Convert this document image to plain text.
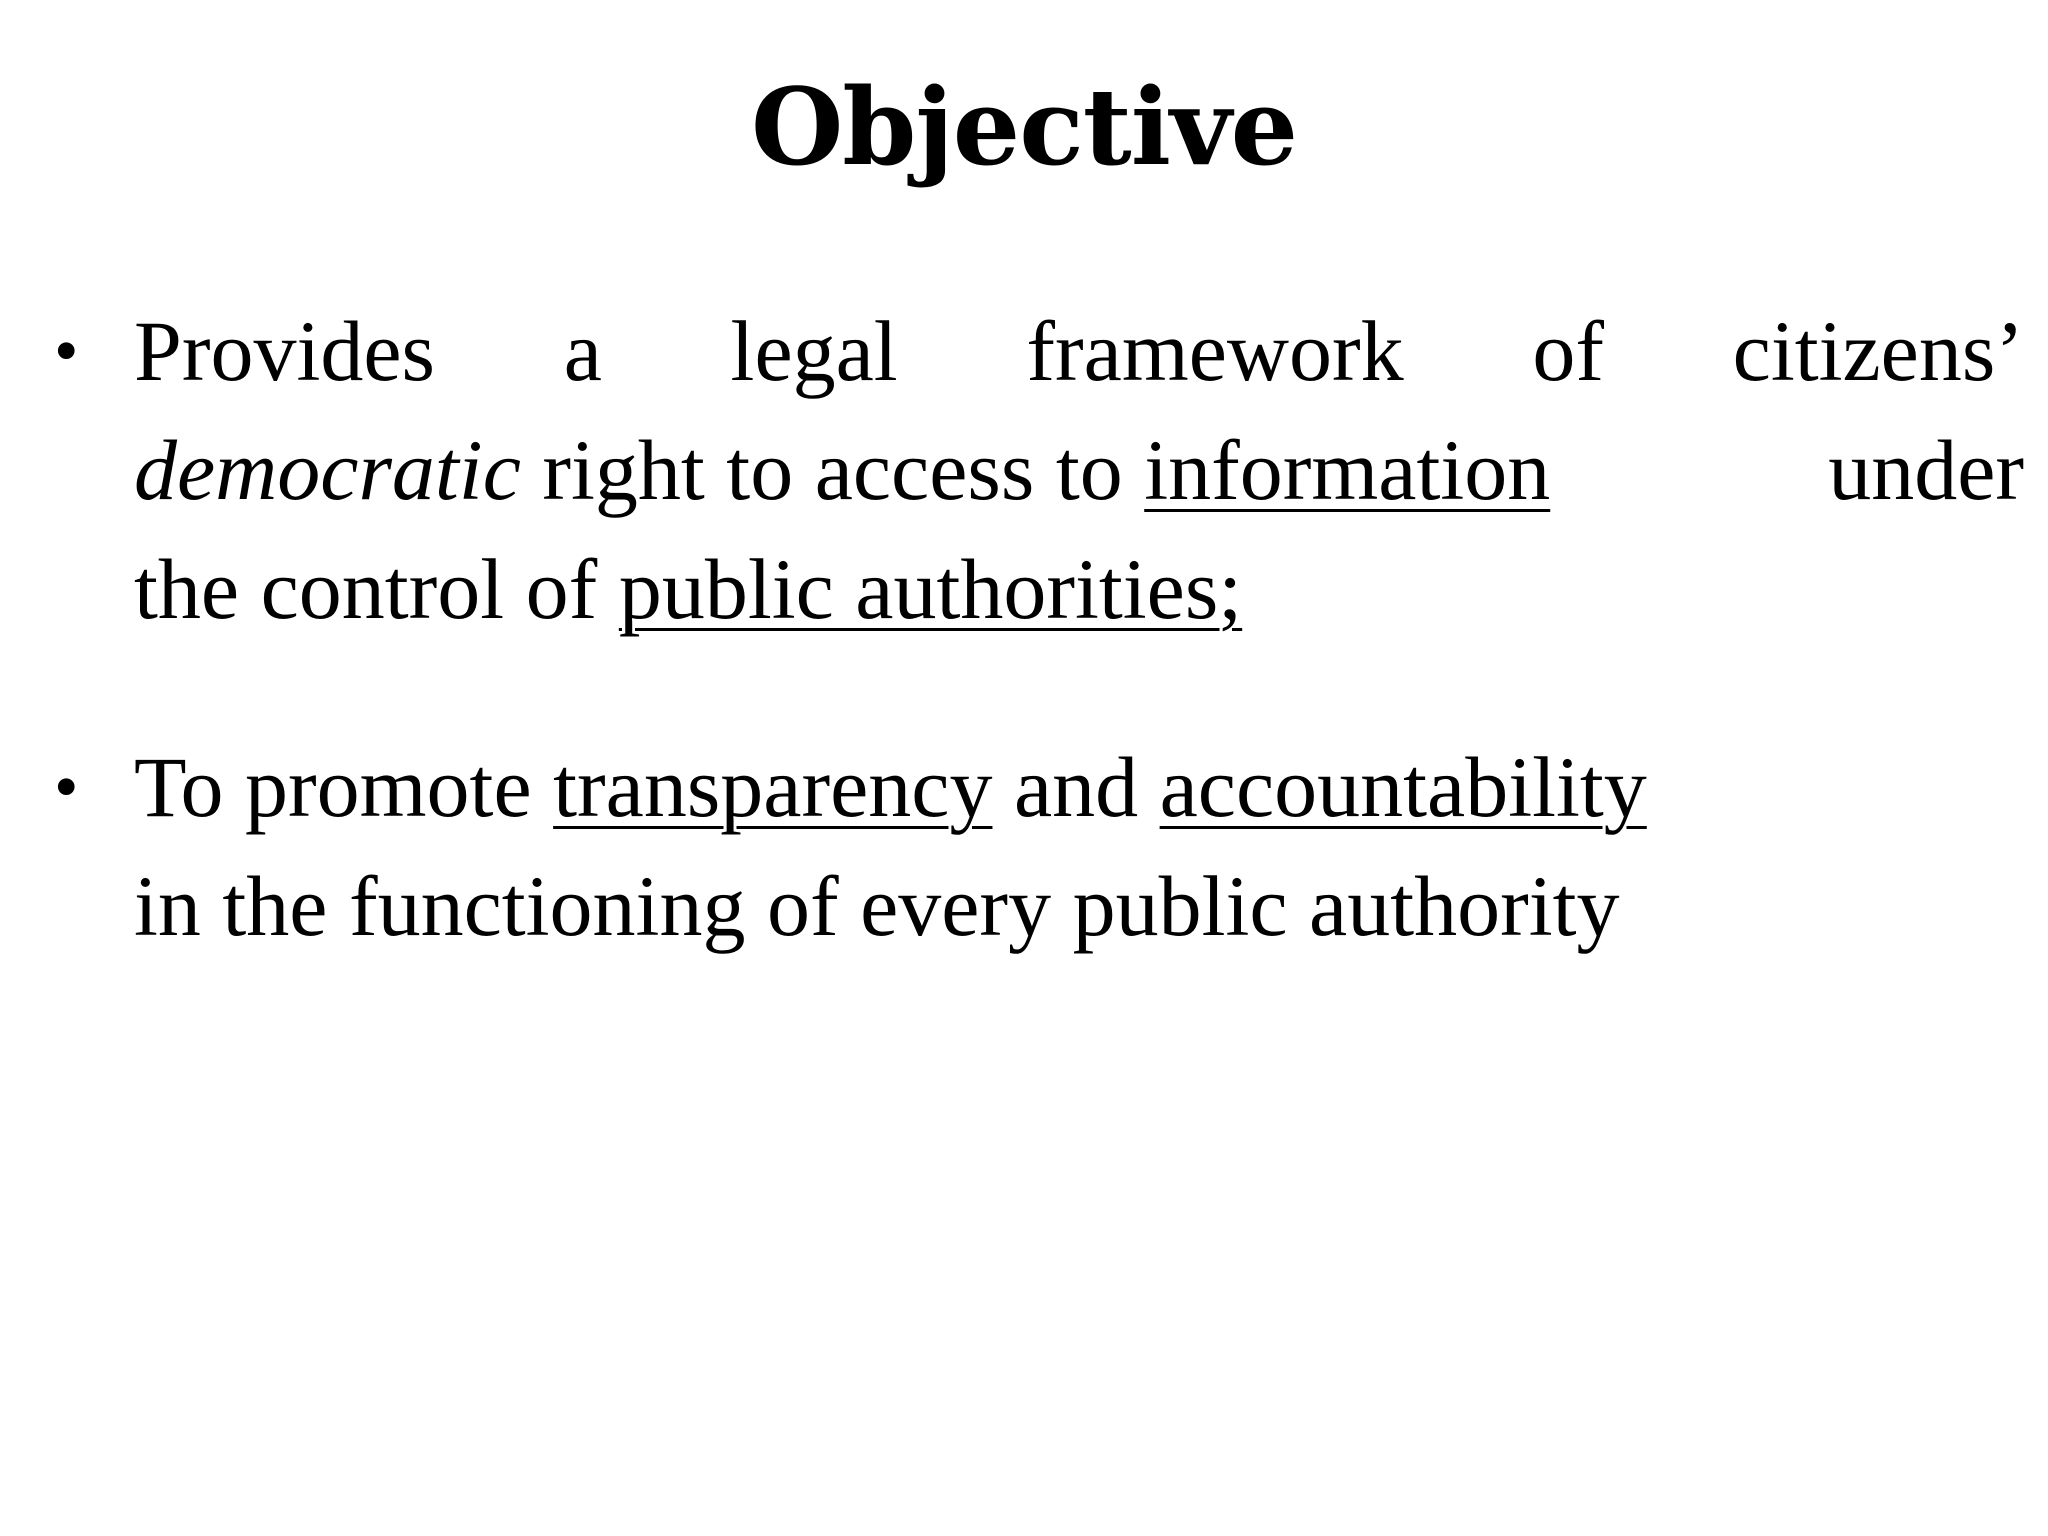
Objective
• Provides a legal framework of citizens’
democratic right to access to information	under
the control of public authorities;
• To promote transparency and accountability
in the functioning of every public authority
